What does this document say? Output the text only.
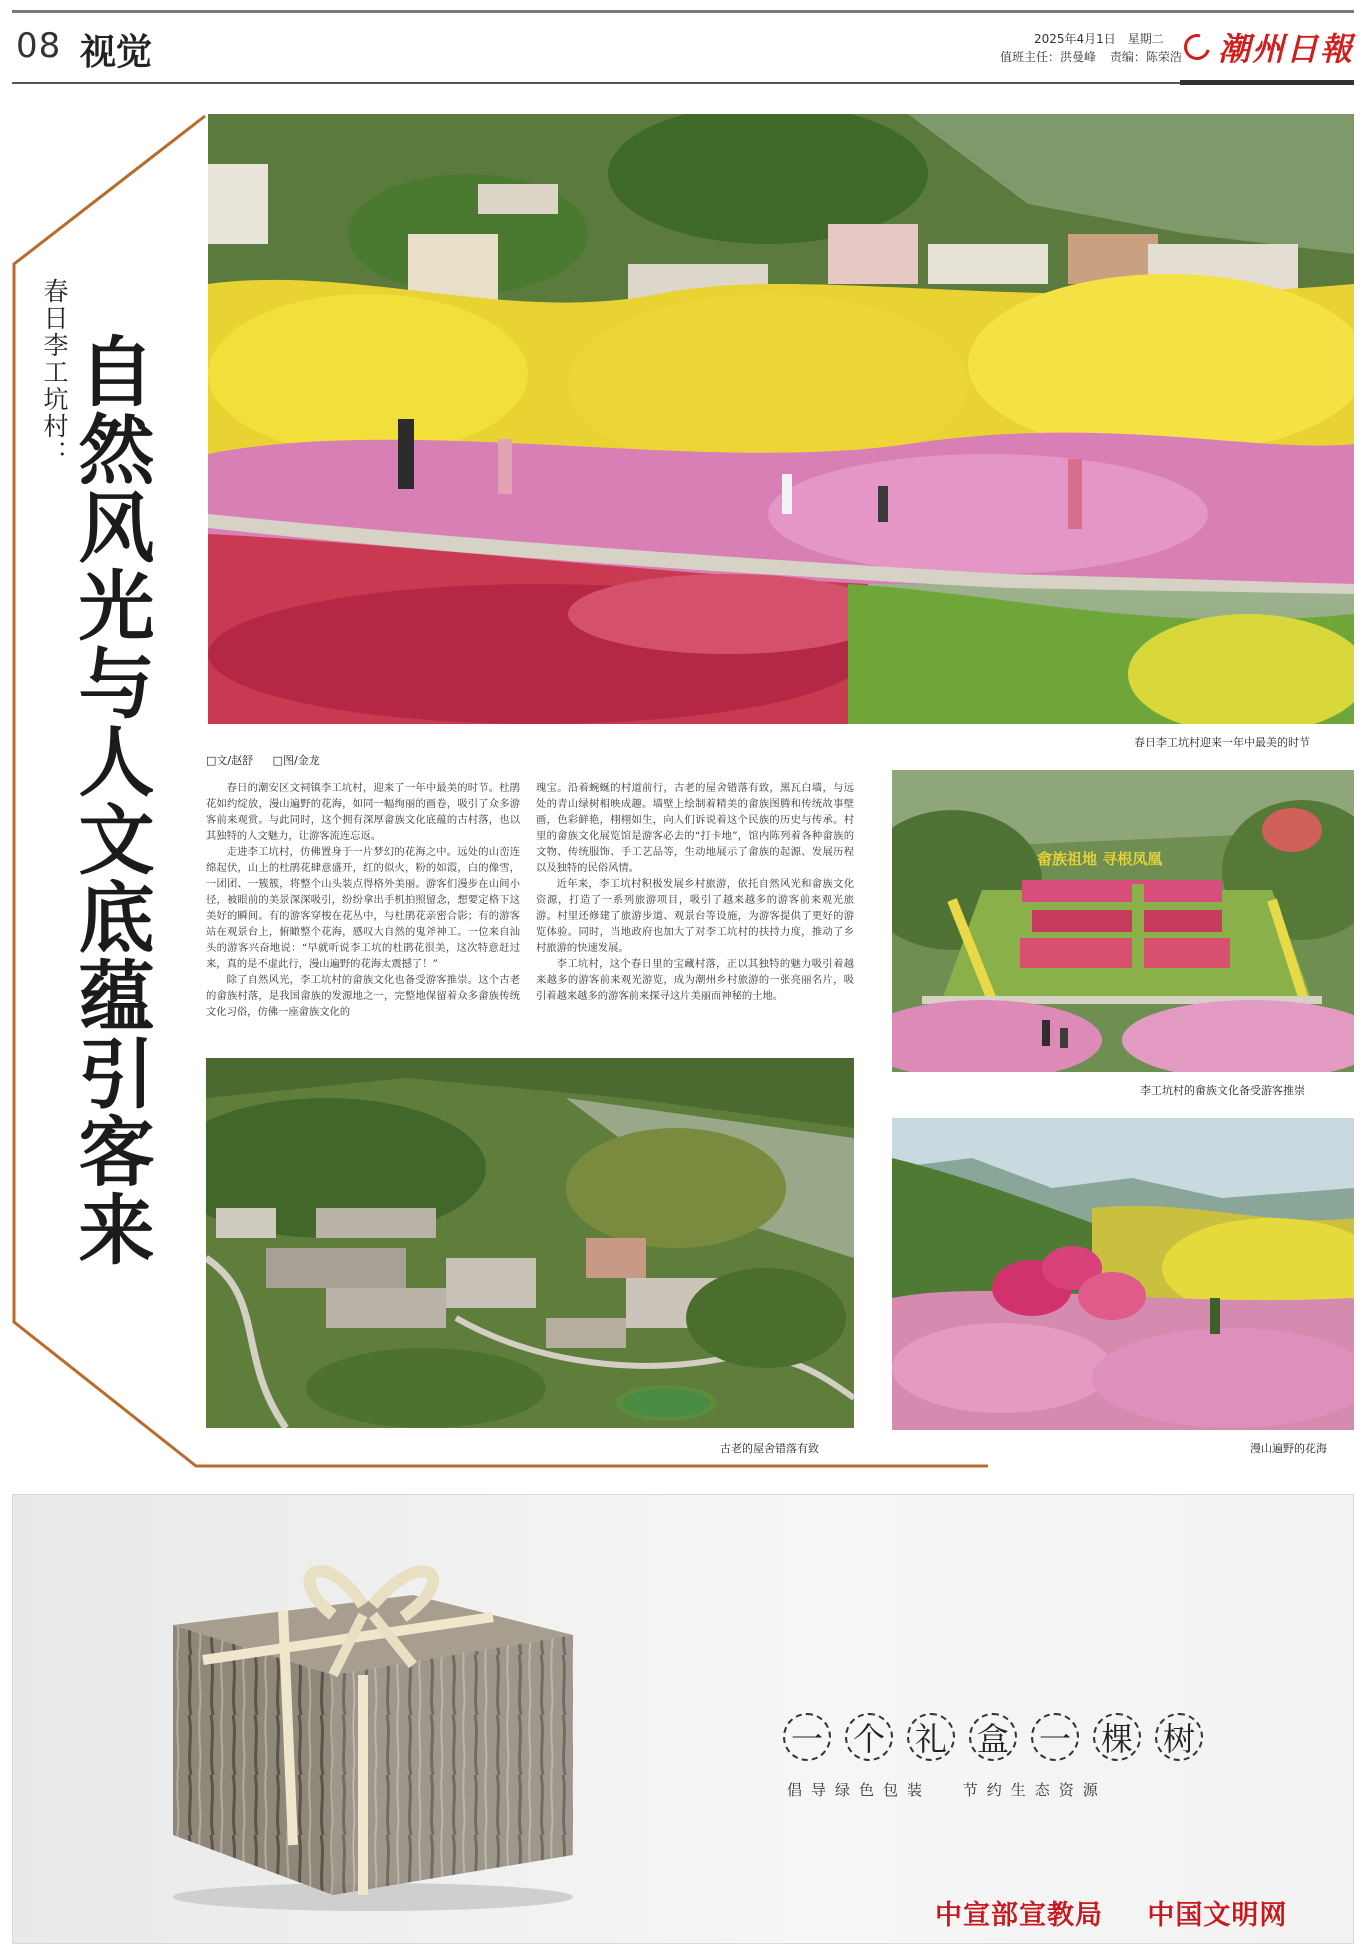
08 视觉	2025年4月1日　星期二
值班主任：洪曼峰 责编：陈荣浩	潮州日報
春日李工坑村：
自然风光与人文底蕴引客来	春日李工坑村迎来一年中最美的时节
□文/赵舒 □图/金龙

春日的潮安区文祠镇李工坑村，迎来了一年中最美的时节。杜鹃花如约绽放，漫山遍野的花海，如同一幅绚丽的画卷，吸引了众多游客前来观赏。与此同时，这个拥有深厚畲族文化底蕴的古村落，也以其独特的人文魅力，让游客流连忘返。

走进李工坑村，仿佛置身于一片梦幻的花海之中。远处的山峦连绵起伏，山上的杜鹃花肆意盛开，红的似火，粉的如霞，白的像雪，一团团、一簇簇，将整个山头装点得格外美丽。游客们漫步在山间小径，被眼前的美景深深吸引，纷纷拿出手机拍照留念，想要定格下这美好的瞬间。有的游客穿梭在花丛中，与杜鹃花亲密合影；有的游客站在观景台上，俯瞰整个花海，感叹大自然的鬼斧神工。一位来自汕头的游客兴奋地说：“早就听说李工坑的杜鹃花很美，这次特意赶过来，真的是不虚此行，漫山遍野的花海太震撼了！”

除了自然风光，李工坑村的畲族文化也备受游客推崇。这个古老的畲族村落，是我国畲族的发源地之一，完整地保留着众多畲族传统文化习俗，仿佛一座畲族文化的

瑰宝。沿着蜿蜒的村道前行，古老的屋舍错落有致，黑瓦白墙，与远处的青山绿树相映成趣。墙壁上绘制着精美的畲族图腾和传统故事壁画，色彩鲜艳，栩栩如生，向人们诉说着这个民族的历史与传承。村里的畲族文化展览馆是游客必去的“打卡地”，馆内陈列着各种畲族的文物、传统服饰、手工艺品等，生动地展示了畲族的起源、发展历程以及独特的民俗风情。

近年来，李工坑村积极发展乡村旅游，依托自然风光和畲族文化资源，打造了一系列旅游项目，吸引了越来越多的游客前来观光旅游。村里还修建了旅游步道、观景台等设施，为游客提供了更好的游览体验。同时，当地政府也加大了对李工坑村的扶持力度，推动了乡村旅游的快速发展。

李工坑村，这个春日里的宝藏村落，正以其独特的魅力吸引着越来越多的游客前来观光游览，成为潮州乡村旅游的一张亮丽名片，吸引着越来越多的游客前来探寻这片美丽而神秘的土地。

畲族祖地 寻根凤凰
李工坑村的畲族文化备受游客推崇
古老的屋舍错落有致	漫山遍野的花海
一 个 礼 盒 一 棵 树
倡导绿色包装 节约生态资源
中宣部宣教局 中国文明网
